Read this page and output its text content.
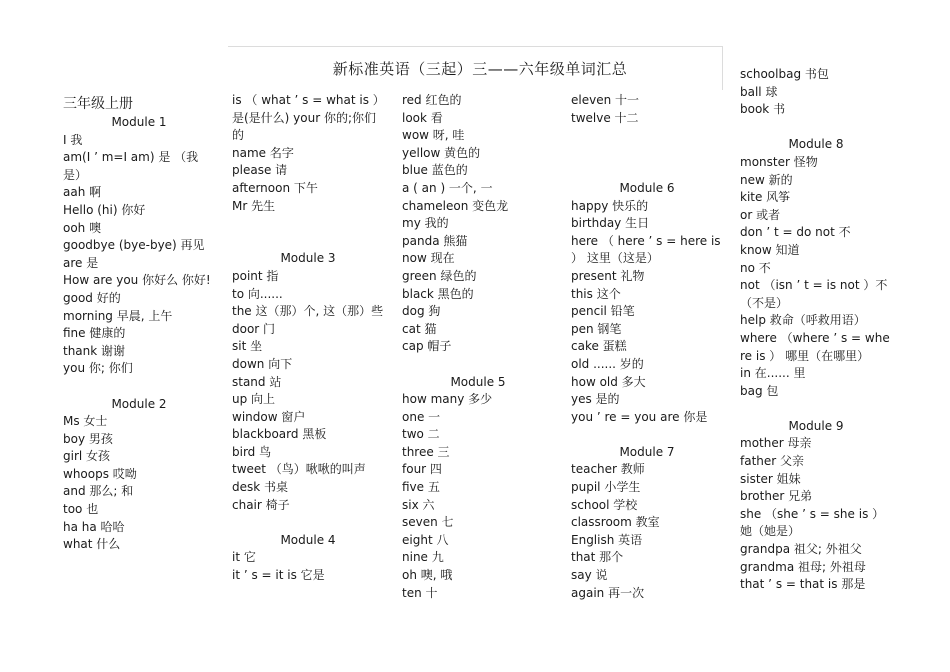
新标准英语（三起）三——六年级单词汇总
三年级上册
Module 1
I 我
am(I ’ m=I am) 是 （我是）
aah 啊
Hello (hi) 你好
ooh 噢
goodbye (bye-bye) 再见
are 是
How are you 你好么 你好!
good 好的
morning 早晨, 上午
fine 健康的
thank 谢谢
you 你; 你们
Module 2
Ms 女士
boy 男孩
girl 女孩
whoops 哎呦
and 那么; 和
too 也
ha ha 哈哈
what 什么
is （ what ’ s = what is ）是(是什么) your 你的;你们的
name 名字
please 请
afternoon 下午
Mr 先生
Module 3
point 指
to 向......
the 这（那）个, 这（那）些
door 门
sit 坐
down 向下
stand 站
up 向上
window 窗户
blackboard 黑板
bird 鸟
tweet （鸟）啾啾的叫声
desk 书桌
chair 椅子
Module 4
it 它
it ’ s = it is 它是
red 红色的
look 看
wow 呀, 哇
yellow 黄色的
blue 蓝色的
a ( an ) 一个, 一
chameleon 变色龙
my 我的
panda 熊猫
now 现在
green 绿色的
black 黑色的
dog 狗
cat 猫
cap 帽子
Module 5
how many 多少
one 一
two 二
three 三
four 四
five 五
six 六
seven 七
eight 八
nine 九
oh 噢, 哦
ten 十
eleven 十一
twelve 十二
Module 6
happy 快乐的
birthday 生日
here （ here ’ s = here is ） 这里（这是）
present 礼物
this 这个
pencil 铅笔
pen 钢笔
cake 蛋糕
old ...... 岁的
how old 多大
yes 是的
you ’ re = you are 你是
Module 7
teacher 教师
pupil 小学生
school 学校
classroom 教室
English 英语
that 那个
say 说
again 再一次
schoolbag 书包
ball 球
book 书
Module 8
monster 怪物
new 新的
kite 风筝
or 或者
don ’ t = do not 不
know 知道
no 不
not （isn ’ t = is not ）不（不是）
help 救命（呼救用语）
where （where ’ s = where is ） 哪里（在哪里）
in 在...... 里
bag 包
Module 9
mother 母亲
father 父亲
sister 姐妹
brother 兄弟
she （she ’ s = she is ）她（她是）
grandpa 祖父; 外祖父
grandma 祖母; 外祖母
that ’ s = that is 那是
